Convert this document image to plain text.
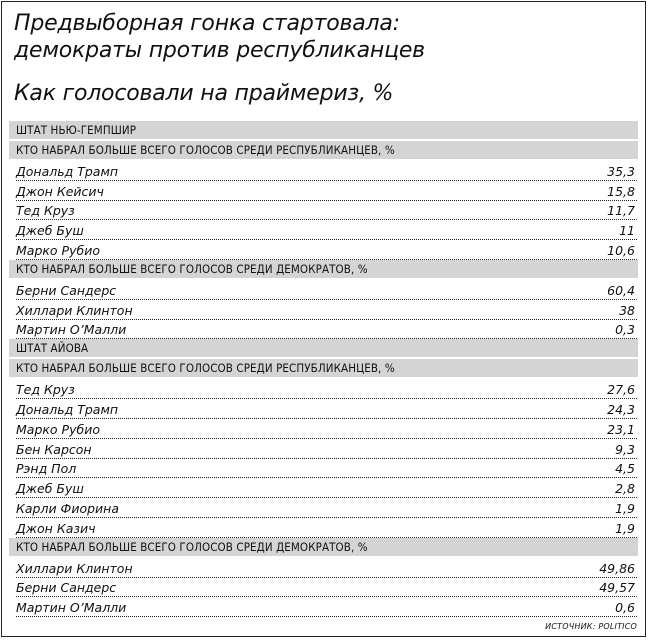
Предвыборная гонка стартовала:
демократы против республиканцев
Как голосовали на праймериз, %
ШТАТ НЬЮ-ГЕМПШИР
КТО НАБРАЛ БОЛЬШЕ ВСЕГО ГОЛОСОВ СРЕДИ РЕСПУБЛИКАНЦЕВ, %
Дональд Трамп	35,3
Джон Кейсич	15,8
Тед Круз	11,7
Джеб Буш	11
Марко Рубио	10,6
КТО НАБРАЛ БОЛЬШЕ ВСЕГО ГОЛОСОВ СРЕДИ ДЕМОКРАТОВ, %
Берни Сандерс	60,4
Хиллари Клинтон	38
Мартин О’Малли	0,3
ШТАТ АЙОВА
КТО НАБРАЛ БОЛЬШЕ ВСЕГО ГОЛОСОВ СРЕДИ РЕСПУБЛИКАНЦЕВ, %
Тед Круз	27,6
Дональд Трамп	24,3
Марко Рубио	23,1
Бен Карсон	9,3
Рэнд Пол	4,5
Джеб Буш	2,8
Карли Фиорина	1,9
Джон Казич	1,9
КТО НАБРАЛ БОЛЬШЕ ВСЕГО ГОЛОСОВ СРЕДИ ДЕМОКРАТОВ, %
Хиллари Клинтон	49,86
Берни Сандерс	49,57
Мартин О’Малли	0,6
ИСТОЧНИК: POLITICO
